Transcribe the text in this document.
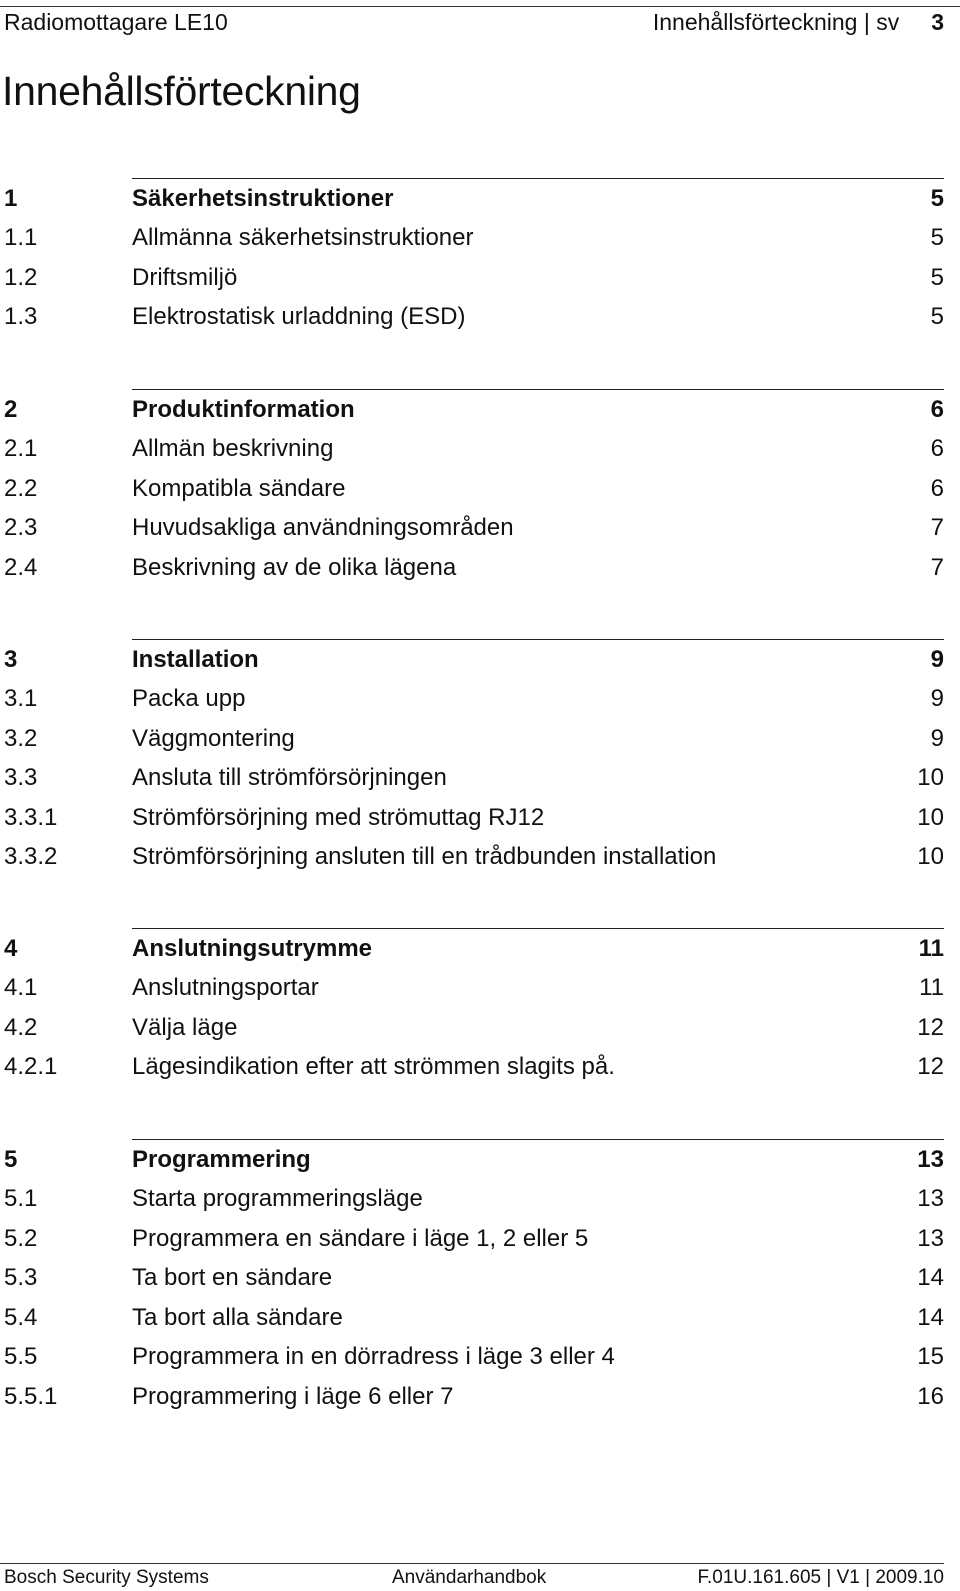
Radiomottagare LE10	Innehållsförteckning | sv 3
Innehållsförteckning
1	Säkerhetsinstruktioner	5
1.1	Allmänna säkerhetsinstruktioner	5
1.2	Driftsmiljö	5
1.3	Elektrostatisk urladdning (ESD)	5
2	Produktinformation	6
2.1	Allmän beskrivning	6
2.2	Kompatibla sändare	6
2.3	Huvudsakliga användningsområden	7
2.4	Beskrivning av de olika lägena	7
3	Installation	9
3.1	Packa upp	9
3.2	Väggmontering	9
3.3	Ansluta till strömförsörjningen	10
3.3.1	Strömförsörjning med strömuttag RJ12	10
3.3.2	Strömförsörjning ansluten till en trådbunden installation	10
4	Anslutningsutrymme	11
4.1	Anslutningsportar	11
4.2	Välja läge	12
4.2.1	Lägesindikation efter att strömmen slagits på.	12
5	Programmering	13
5.1	Starta programmeringsläge	13
5.2	Programmera en sändare i läge 1, 2 eller 5	13
5.3	Ta bort en sändare	14
5.4	Ta bort alla sändare	14
5.5	Programmera in en dörradress i läge 3 eller 4	15
5.5.1	Programmering i läge 6 eller 7	16
Bosch Security Systems	Användarhandbok	F.01U.161.605 | V1 | 2009.10
